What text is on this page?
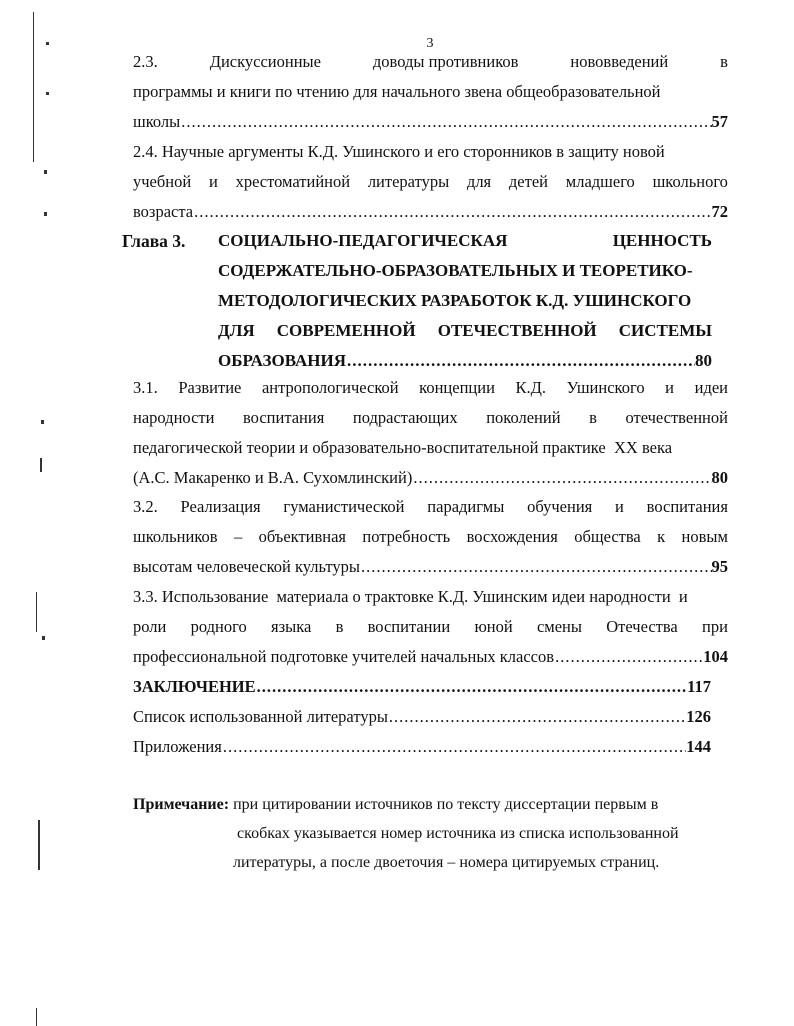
3
2.3.	Дискуссионные	доводы противников	нововведений	в
программы и книги по чтению для начального звена общеобразовательной
школы .....	57
2.4. Научные аргументы К.Д. Ушинского и его сторонников в защиту новой
учебной и хрестоматийной литературы для детей младшего школьного
возраста .....	72
Глава 3. СОЦИАЛЬНО-ПЕДАГОГИЧЕСКАЯ	ЦЕННОСТЬ
СОДЕРЖАТЕЛЬНО-ОБРАЗОВАТЕЛЬНЫХ И ТЕОРЕТИКО-
МЕТОДОЛОГИЧЕСКИХ РАЗРАБОТОК К.Д. УШИНСКОГО
ДЛЯ СОВРЕМЕННОЙ ОТЕЧЕСТВЕННОЙ СИСТЕМЫ
ОБРАЗОВАНИЯ .....	80
3.1. Развитие антропологической концепции К.Д. Ушинского и идеи
народности воспитания подрастающих поколений в отечественной
педагогической теории и образовательно-воспитательной практике  XX века
(А.С. Макаренко и В.А. Сухомлинский) .....	80
3.2. Реализация гуманистической парадигмы обучения и воспитания
школьников – объективная потребность восхождения общества к новым
высотам человеческой культуры .....	95
3.3. Использование  материала о трактовке К.Д. Ушинским идеи народности  и
роли родного языка в воспитании юной смены Отечества при
профессиональной подготовке учителей начальных классов .....	104
ЗАКЛЮЧЕНИЕ .....	117
Список использованной литературы .....	126
Приложения .....	144
Примечание: при цитировании источников по тексту диссертации первым в
скобках указывается номер источника из списка использованной
литературы, а после двоеточия – номера цитируемых страниц.
